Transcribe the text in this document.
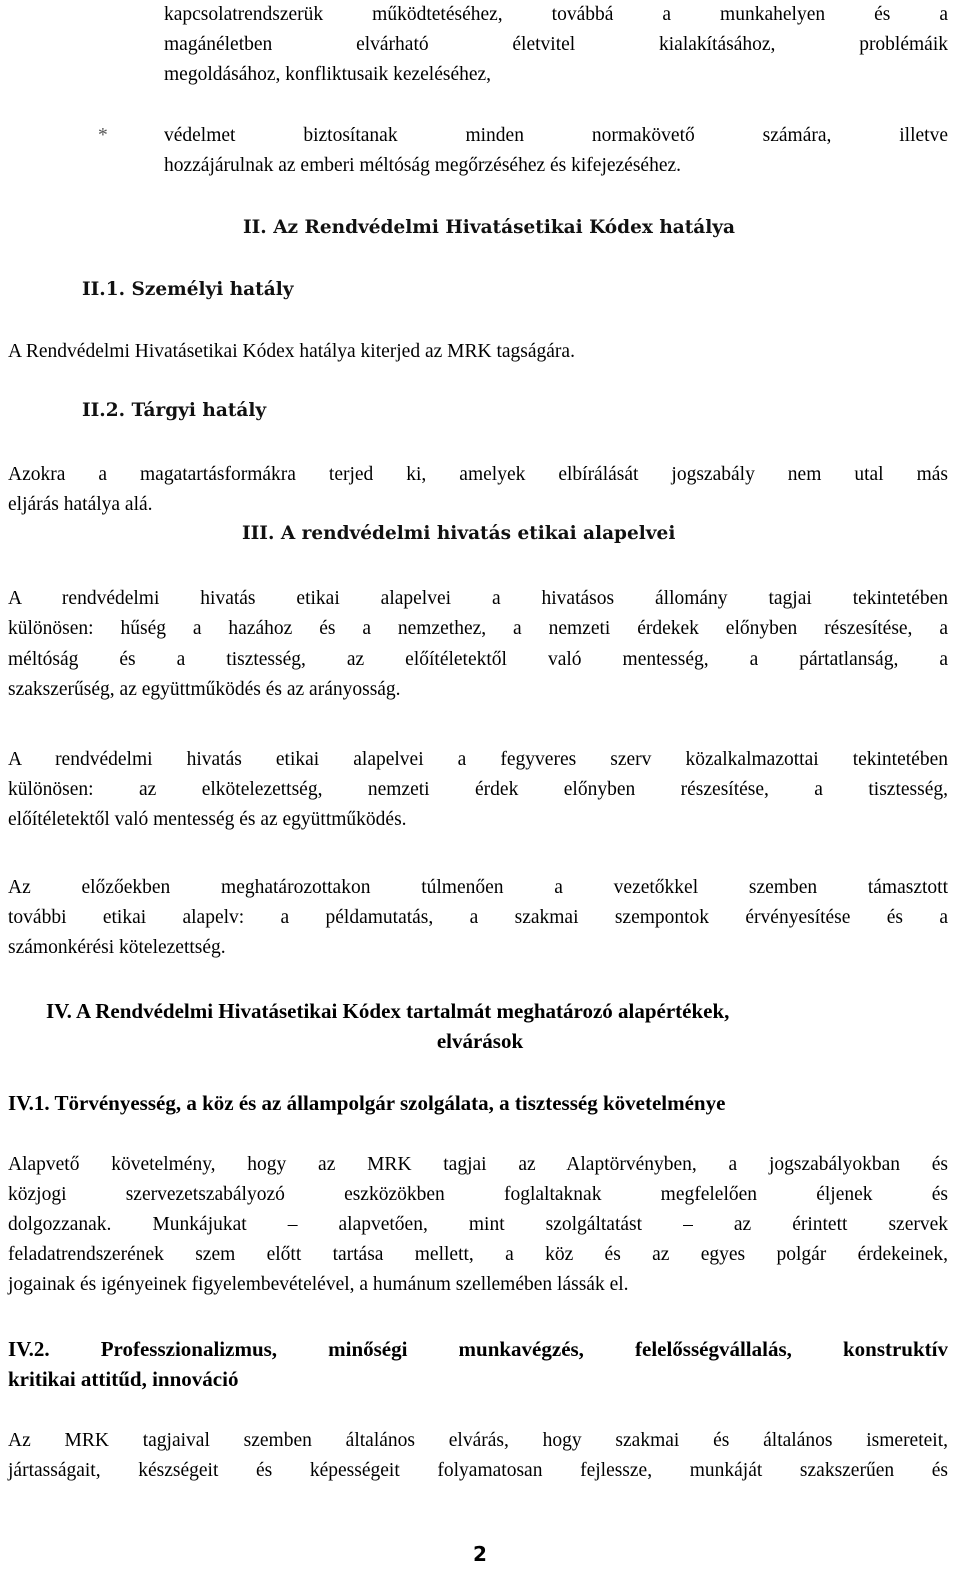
kapcsolatrendszerük működtetéséhez, továbbá a munkahelyen és a

magánéletben elvárható életvitel kialakításához, problémáik

megoldásához, konfliktusaik kezeléséhez,

*	védelmet biztosítanak minden normakövető számára, illetve

hozzájárulnak az emberi méltóság megőrzéséhez és kifejezéséhez.

II. Az Rendvédelmi Hivatásetikai Kódex hatálya

II.1. Személyi hatály

A Rendvédelmi Hivatásetikai Kódex hatálya kiterjed az MRK tagságára.

II.2. Tárgyi hatály

Azokra a magatartásformákra terjed ki, amelyek elbírálását jogszabály nem utal más

eljárás hatálya alá.

III. A rendvédelmi hivatás etikai alapelvei

A rendvédelmi hivatás etikai alapelvei a hivatásos állomány tagjai tekintetében

különösen: hűség a hazához és a nemzethez, a nemzeti érdekek előnyben részesítése, a

méltóság és a tisztesség, az előítéletektől való mentesség, a pártatlanság, a

szakszerűség, az együttműködés és az arányosság.

A rendvédelmi hivatás etikai alapelvei a fegyveres szerv közalkalmazottai tekintetében

különösen: az elkötelezettség, nemzeti érdek előnyben részesítése, a tisztesség,

előítéletektől való mentesség és az együttműködés.

Az előzőekben meghatározottakon túlmenően a vezetőkkel szemben támasztott

további etikai alapelv: a példamutatás, a szakmai szempontok érvényesítése és a

számonkérési kötelezettség.

IV. A Rendvédelmi Hivatásetikai Kódex tartalmát meghatározó alapértékek,

elvárások

IV.1. Törvényesség, a köz és az állampolgár szolgálata, a tisztesség követelménye

Alapvető követelmény, hogy az MRK tagjai az Alaptörvényben, a jogszabályokban és

közjogi szervezetszabályozó eszközökben foglaltaknak megfelelően éljenek és

dolgozzanak. Munkájukat – alapvetően, mint szolgáltatást – az érintett szervek

feladatrendszerének szem előtt tartása mellett, a köz és az egyes polgár érdekeinek,

jogainak és igényeinek figyelembevételével, a humánum szellemében lássák el.

IV.2. Professzionalizmus, minőségi munkavégzés, felelősségvállalás, konstruktív

kritikai attitűd, innováció

Az MRK tagjaival szemben általános elvárás, hogy szakmai és általános ismereteit,

jártasságait, készségeit és képességeit folyamatosan fejlessze, munkáját szakszerűen és

2
